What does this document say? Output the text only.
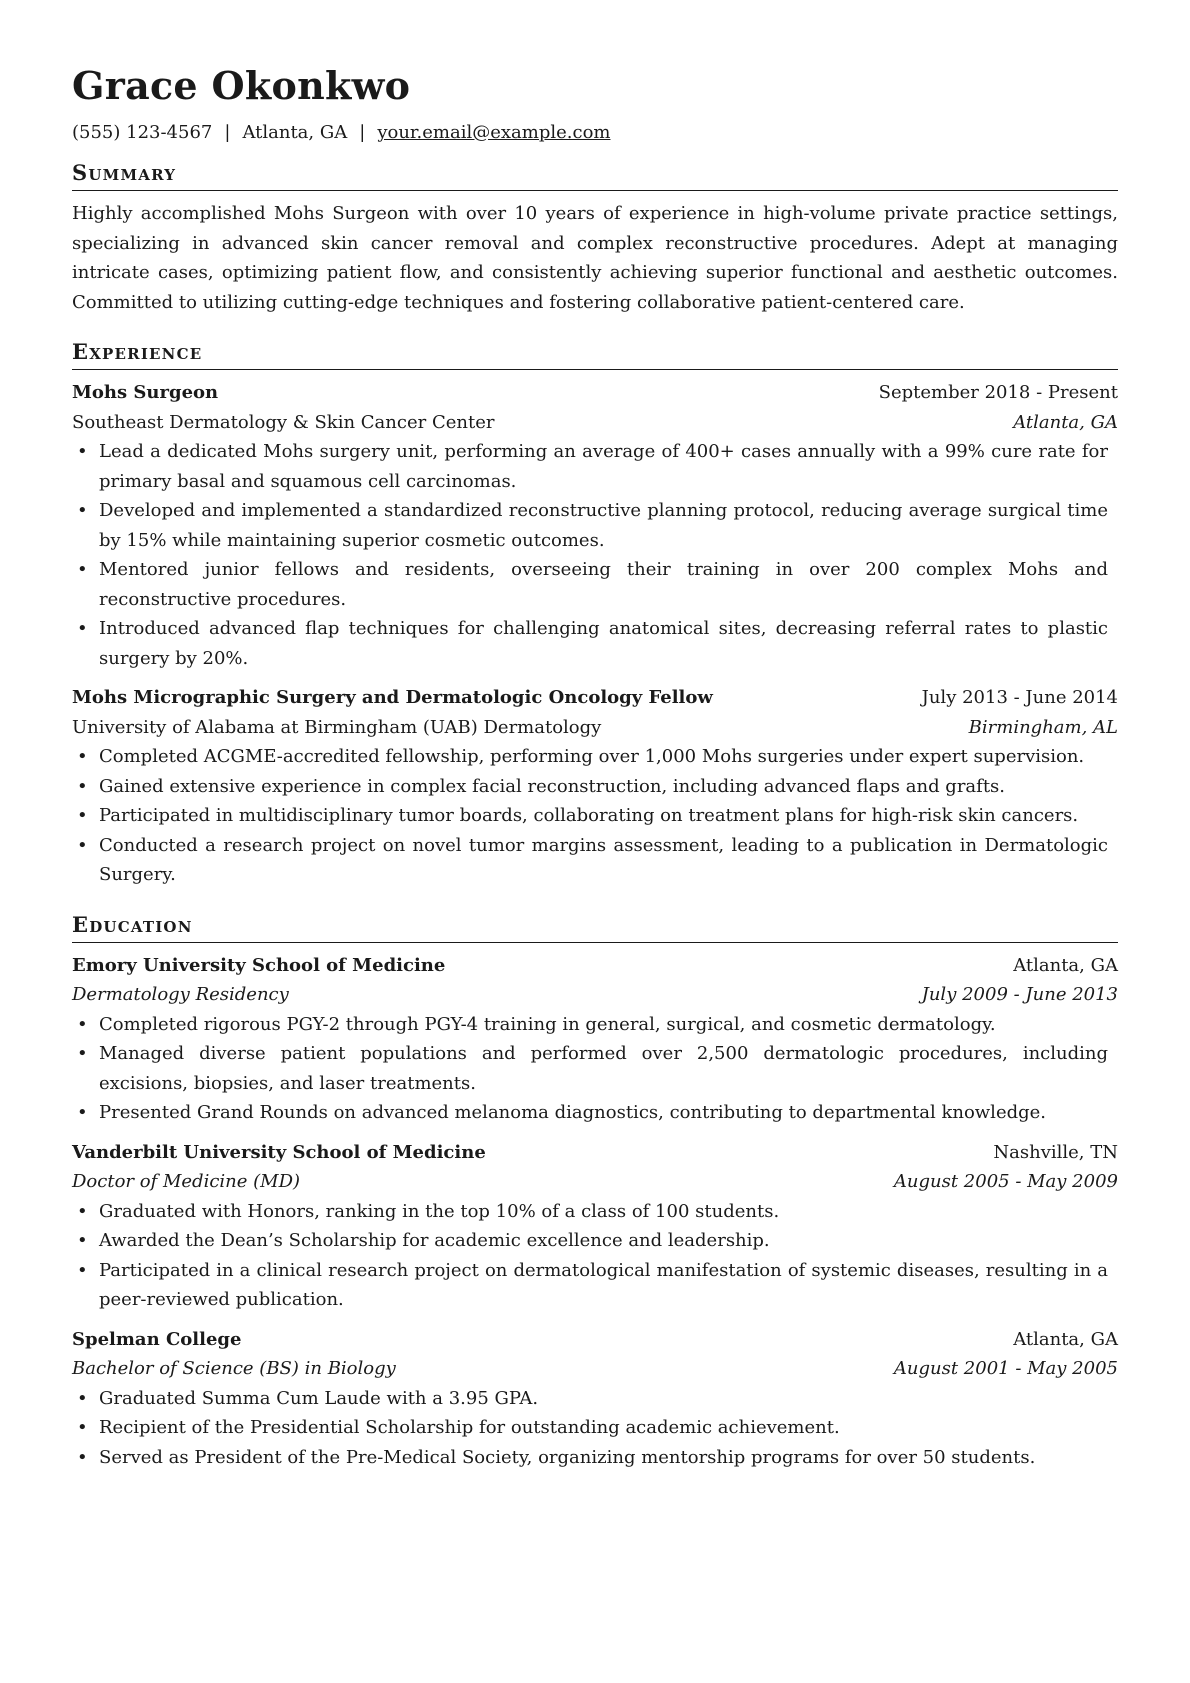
Grace Okonkwo
(555) 123-4567 | Atlanta, GA | your.email@example.com
Summary
Highly accomplished Mohs Surgeon with over 10 years of experience in high-volume private practice settings, specializing in advanced skin cancer removal and complex reconstructive procedures. Adept at managing intricate cases, optimizing patient flow, and consistently achieving superior functional and aesthetic outcomes. Committed to utilizing cutting-edge techniques and fostering collaborative patient-centered care.
Experience
Mohs Surgeon	September 2018 - Present
Southeast Dermatology & Skin Cancer Center	Atlanta, GA
• Lead a dedicated Mohs surgery unit, performing an average of 400+ cases annually with a 99% cure rate for primary basal and squamous cell carcinomas.
• Developed and implemented a standardized reconstructive planning protocol, reducing average surgical time by 15% while maintaining superior cosmetic outcomes.
• Mentored junior fellows and residents, overseeing their training in over 200 complex Mohs and reconstructive procedures.
• Introduced advanced flap techniques for challenging anatomical sites, decreasing referral rates to plastic surgery by 20%.
Mohs Micrographic Surgery and Dermatologic Oncology Fellow	July 2013 - June 2014
University of Alabama at Birmingham (UAB) Dermatology	Birmingham, AL
• Completed ACGME-accredited fellowship, performing over 1,000 Mohs surgeries under expert supervision.
• Gained extensive experience in complex facial reconstruction, including advanced flaps and grafts.
• Participated in multidisciplinary tumor boards, collaborating on treatment plans for high-risk skin cancers.
• Conducted a research project on novel tumor margins assessment, leading to a publication in Dermatologic Surgery.
Education
Emory University School of Medicine	Atlanta, GA
Dermatology Residency	July 2009 - June 2013
• Completed rigorous PGY-2 through PGY-4 training in general, surgical, and cosmetic dermatology.
• Managed diverse patient populations and performed over 2,500 dermatologic procedures, including excisions, biopsies, and laser treatments.
• Presented Grand Rounds on advanced melanoma diagnostics, contributing to departmental knowledge.
Vanderbilt University School of Medicine	Nashville, TN
Doctor of Medicine (MD)	August 2005 - May 2009
• Graduated with Honors, ranking in the top 10% of a class of 100 students.
• Awarded the Dean’s Scholarship for academic excellence and leadership.
• Participated in a clinical research project on dermatological manifestation of systemic diseases, resulting in a peer-reviewed publication.
Spelman College	Atlanta, GA
Bachelor of Science (BS) in Biology	August 2001 - May 2005
• Graduated Summa Cum Laude with a 3.95 GPA.
• Recipient of the Presidential Scholarship for outstanding academic achievement.
• Served as President of the Pre-Medical Society, organizing mentorship programs for over 50 students.
